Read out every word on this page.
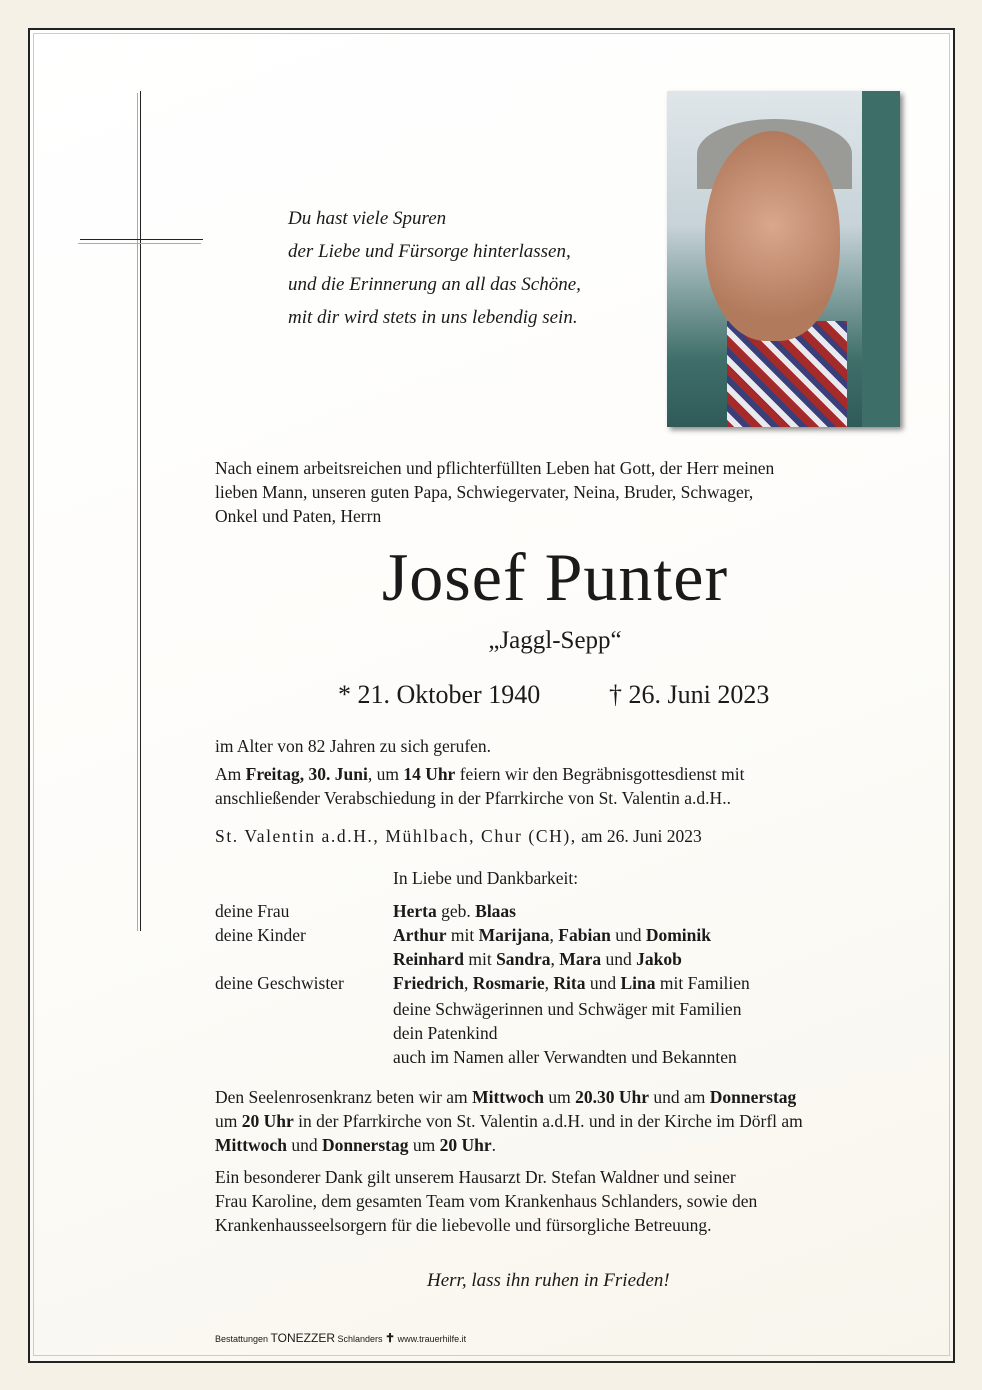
Du hast viele Spuren
der Liebe und Fürsorge hinterlassen,
und die Erinnerung an all das Schöne,
mit dir wird stets in uns lebendig sein.
Nach einem arbeitsreichen und pflichterfüllten Leben hat Gott, der Herr meinen
lieben Mann, unseren guten Papa, Schwiegervater, Neina, Bruder, Schwager,
Onkel und Paten, Herrn
Josef Punter
„Jaggl-Sepp“
* 21. Oktober 1940	† 26. Juni 2023
im Alter von 82 Jahren zu sich gerufen.
Am Freitag, 30. Juni, um 14 Uhr feiern wir den Begräbnisgottesdienst mit
anschließender Verabschiedung in der Pfarrkirche von St. Valentin a.d.H..
St. Valentin a.d.H., Mühlbach, Chur (CH), am 26. Juni 2023
In Liebe und Dankbarkeit:
deine Frau	Herta geb. Blaas
deine Kinder	Arthur mit Marijana, Fabian und Dominik
Reinhard mit Sandra, Mara und Jakob
deine Geschwister	Friedrich, Rosmarie, Rita und Lina mit Familien
deine Schwägerinnen und Schwäger mit Familien
dein Patenkind
auch im Namen aller Verwandten und Bekannten
Den Seelenrosenkranz beten wir am Mittwoch um 20.30 Uhr und am Donnerstag
um 20 Uhr in der Pfarrkirche von St. Valentin a.d.H. und in der Kirche im Dörfl am
Mittwoch und Donnerstag um 20 Uhr.
Ein besonderer Dank gilt unserem Hausarzt Dr. Stefan Waldner und seiner
Frau Karoline, dem gesamten Team vom Krankenhaus Schlanders, sowie den
Krankenhausseelsorgern für die liebevolle und fürsorgliche Betreuung.
Herr, lass ihn ruhen in Frieden!
Bestattungen TONEZZER Schlanders ✝ www.trauerhilfe.it
